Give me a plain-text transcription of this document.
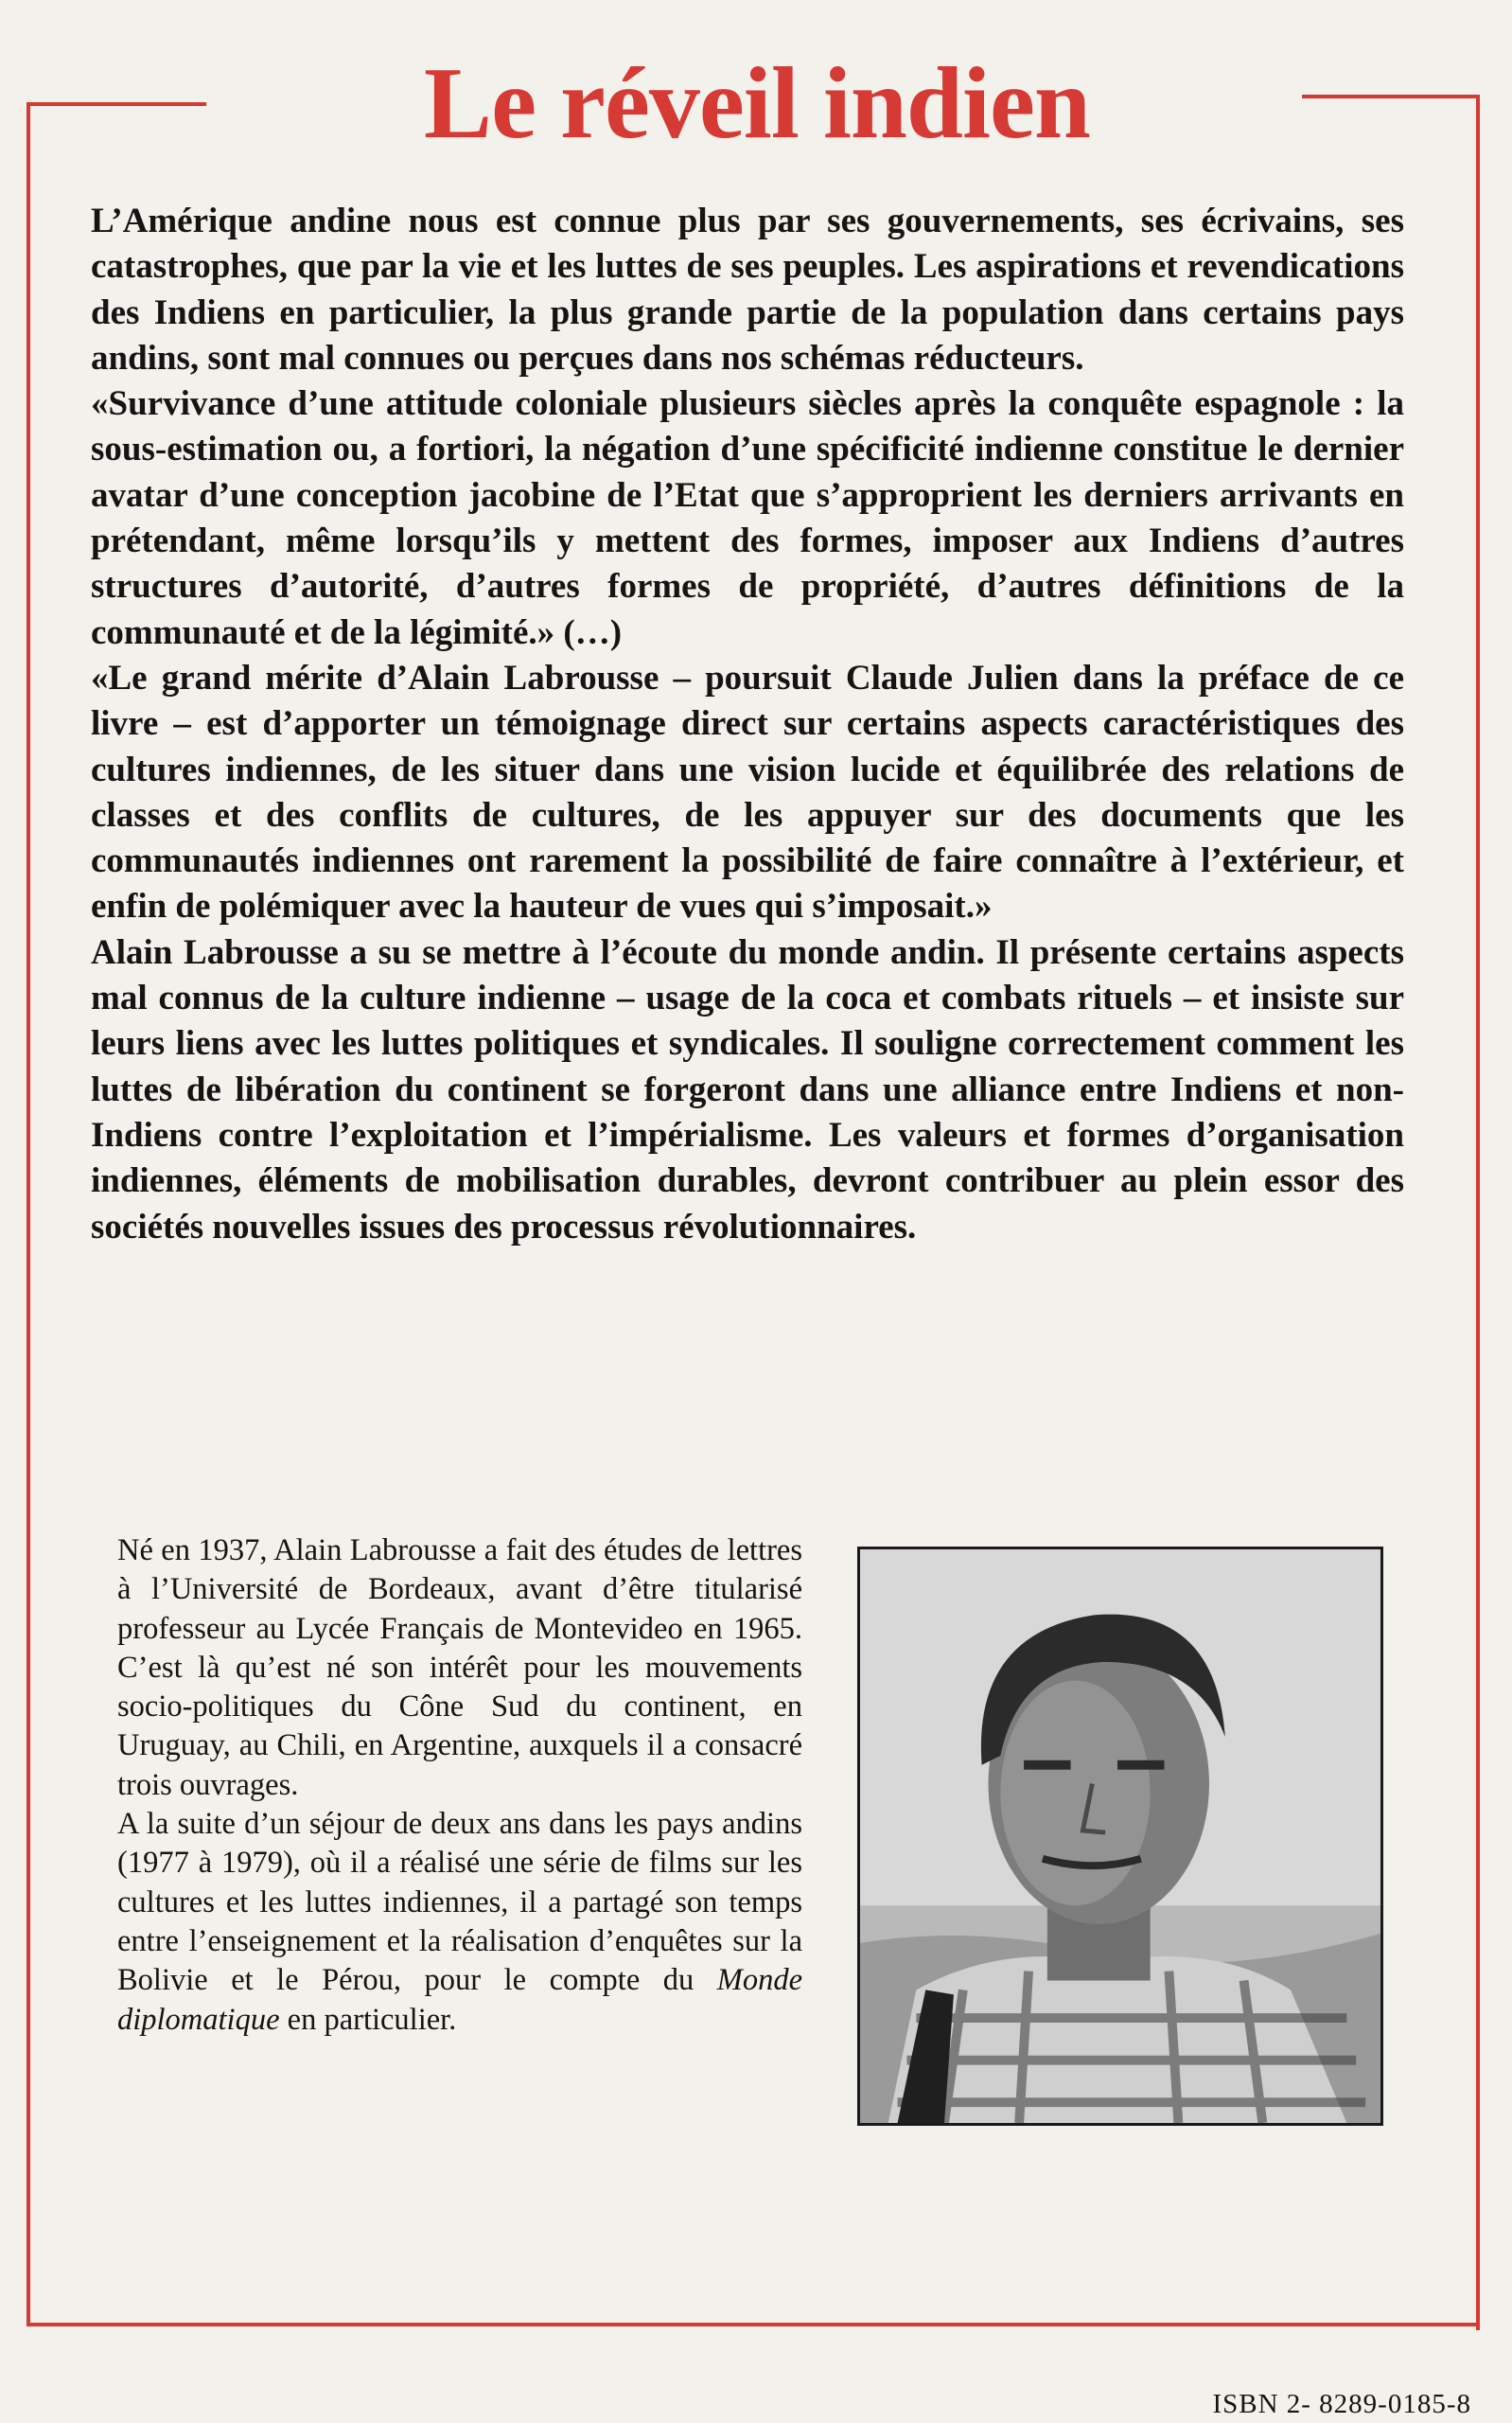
Le réveil indien

L’Amérique andine nous est connue plus par ses gouvernements, ses écrivains, ses catastrophes, que par la vie et les luttes de ses peuples. Les aspirations et revendications des Indiens en particulier, la plus grande partie de la population dans certains pays andins, sont mal connues ou perçues dans nos schémas réducteurs.

«Survivance d’une attitude coloniale plusieurs siècles après la conquête espagnole : la sous-estimation ou, a fortiori, la négation d’une spécificité indienne constitue le dernier avatar d’une conception jacobine de l’Etat que s’approprient les derniers arrivants en prétendant, même lorsqu’ils y mettent des formes, imposer aux Indiens d’autres structures d’autorité, d’autres formes de propriété, d’autres définitions de la communauté et de la légimité.» (…)

«Le grand mérite d’Alain Labrousse – poursuit Claude Julien dans la préface de ce livre – est d’apporter un témoignage direct sur certains aspects caractéristiques des cultures indiennes, de les situer dans une vision lucide et équilibrée des relations de classes et des conflits de cultures, de les appuyer sur des documents que les communautés indiennes ont rarement la possibilité de faire connaître à l’extérieur, et enfin de polémiquer avec la hauteur de vues qui s’imposait.»

Alain Labrousse a su se mettre à l’écoute du monde andin. Il présente certains aspects mal connus de la culture indienne – usage de la coca et combats rituels – et insiste sur leurs liens avec les luttes politiques et syndicales. Il souligne correctement comment les luttes de libération du continent se forgeront dans une alliance entre Indiens et non-Indiens contre l’exploitation et l’impérialisme. Les valeurs et formes d’organisation indiennes, éléments de mobilisation durables, devront contribuer au plein essor des sociétés nouvelles issues des processus révolutionnaires.

Né en 1937, Alain Labrousse a fait des études de lettres à l’Université de Bordeaux, avant d’être titularisé professeur au Lycée Français de Montevideo en 1965. C’est là qu’est né son intérêt pour les mouvements socio-politiques du Cône Sud du continent, en Uruguay, au Chili, en Argentine, auxquels il a consacré trois ouvrages.

A la suite d’un séjour de deux ans dans les pays andins (1977 à 1979), où il a réalisé une série de films sur les cultures et les luttes indiennes, il a partagé son temps entre l’enseignement et la réalisation d’enquêtes sur la Bolivie et le Pérou, pour le compte du Monde diplomatique en particulier.

ISBN 2- 8289-0185-8
